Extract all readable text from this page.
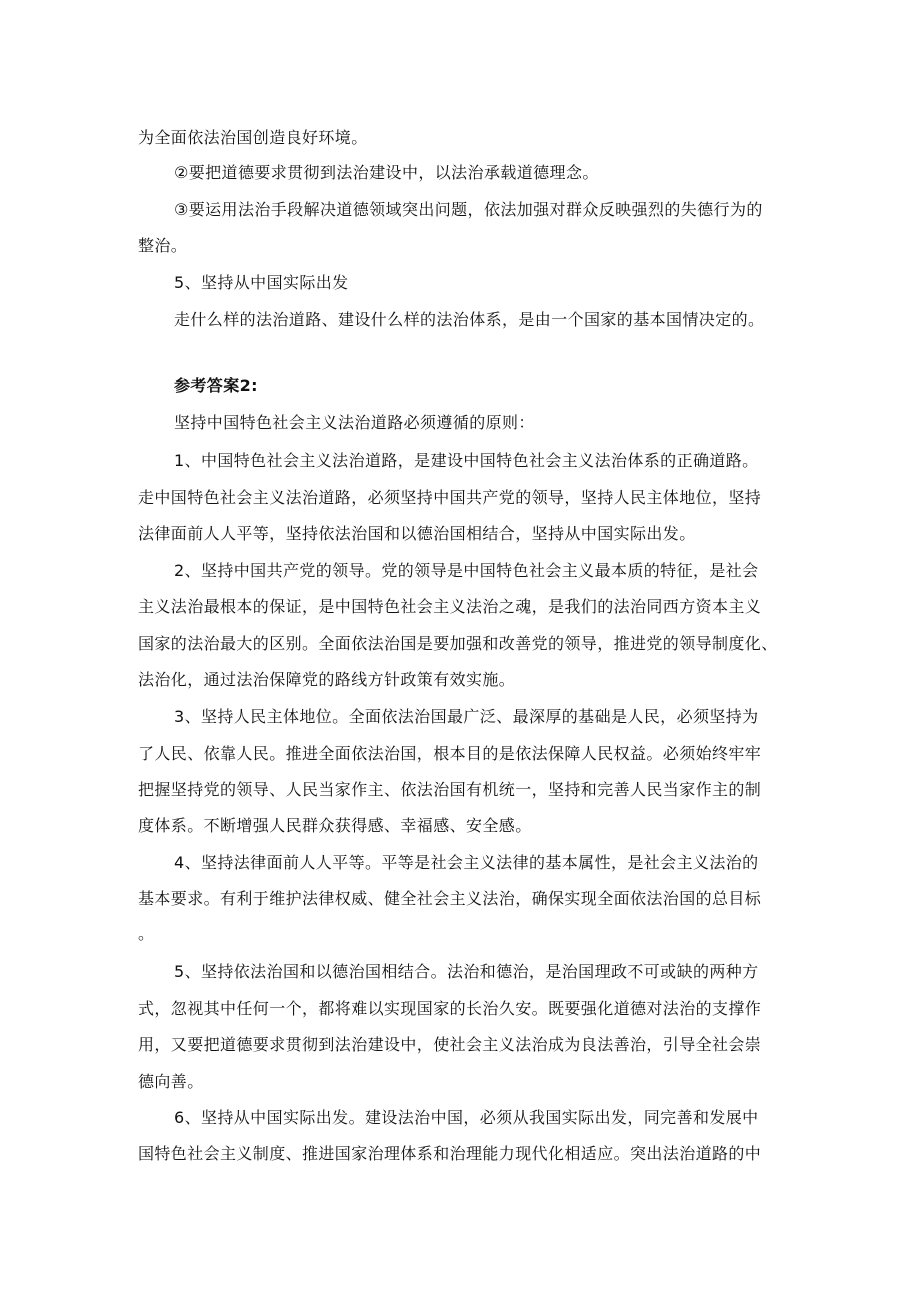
为全面依法治国创造良好环境。
②要把道德要求贯彻到法治建设中，以法治承载道德理念。
③要运用法治手段解决道德领域突出问题，依法加强对群众反映强烈的失德行为的
整治。
5、坚持从中国实际出发
走什么样的法治道路、建设什么样的法治体系，是由一个国家的基本国情决定的。
参考答案2:
坚持中国特色社会主义法治道路必须遵循的原则：
1、中国特色社会主义法治道路，是建设中国特色社会主义法治体系的正确道路。
走中国特色社会主义法治道路，必须坚持中国共产党的领导，坚持人民主体地位，坚持
法律面前人人平等，坚持依法治国和以德治国相结合，坚持从中国实际出发。
2、坚持中国共产党的领导。党的领导是中国特色社会主义最本质的特征，是社会
主义法治最根本的保证，是中国特色社会主义法治之魂，是我们的法治同西方资本主义
国家的法治最大的区别。全面依法治国是要加强和改善党的领导，推进党的领导制度化、
法治化，通过法治保障党的路线方针政策有效实施。
3、坚持人民主体地位。全面依法治国最广泛、最深厚的基础是人民，必须坚持为
了人民、依靠人民。推进全面依法治国，根本目的是依法保障人民权益。必须始终牢牢
把握坚持党的领导、人民当家作主、依法治国有机统一，坚持和完善人民当家作主的制
度体系。不断增强人民群众获得感、幸福感、安全感。
4、坚持法律面前人人平等。平等是社会主义法律的基本属性，是社会主义法治的
基本要求。有利于维护法律权威、健全社会主义法治，确保实现全面依法治国的总目标
。
5、坚持依法治国和以德治国相结合。法治和德治，是治国理政不可或缺的两种方
式，忽视其中任何一个，都将难以实现国家的长治久安。既要强化道德对法治的支撑作
用，又要把道德要求贯彻到法治建设中，使社会主义法治成为良法善治，引导全社会崇
德向善。
6、坚持从中国实际出发。建设法治中国，必须从我国实际出发，同完善和发展中
国特色社会主义制度、推进国家治理体系和治理能力现代化相适应。突出法治道路的中
